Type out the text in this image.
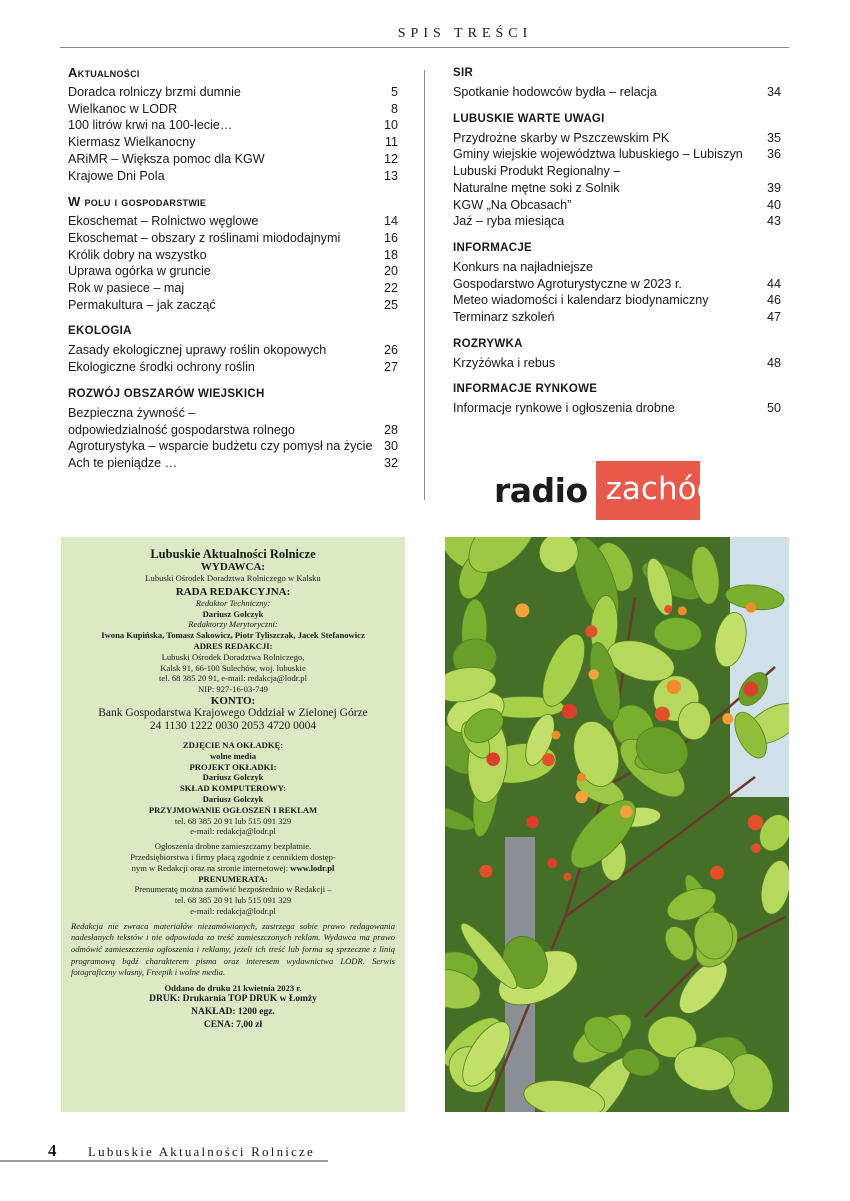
SPIS TREŚCI
Aktualności
Doradca rolniczy brzmi dumnie	5
Wielkanoc w LODR	8
100 litrów krwi na 100-lecie…	10
Kiermasz Wielkanocny	11
ARiMR – Większa pomoc dla KGW	12
Krajowe Dni Pola	13
W polu i gospodarstwie
Ekoschemat – Rolnictwo węglowe	14
Ekoschemat – obszary z roślinami miododajnymi	16
Królik dobry na wszystko	18
Uprawa ogórka w gruncie	20
Rok w pasiece – maj	22
Permakultura – jak zacząć	25
EKOLOGIA
Zasady ekologicznej uprawy roślin okopowych	26
Ekologiczne środki ochrony roślin	27
ROZWÓJ OBSZARÓW WIEJSKICH
Bezpieczna żywność –
odpowiedzialność gospodarstwa rolnego	28
Agroturystyka – wsparcie budżetu czy pomysł na życie 30
Ach te pieniądze …	32
SIR
Spotkanie hodowców bydła – relacja	34
LUBUSKIE WARTE UWAGI
Przydrożne skarby w Pszczewskim PK	35
Gminy wiejskie województwa lubuskiego – Lubiszyn	36
Lubuski Produkt Regionalny –
Naturalne mętne soki z Solnik	39
KGW „Na Obcasach”	40
Jaź – ryba miesiąca	43
INFORMACJE
Konkurs na najładniejsze
Gospodarstwo Agroturystyczne w 2023 r.	44
Meteo wiadomości i kalendarz biodynamiczny	46
Terminarz szkoleń	47
ROZRYWKA
Krzyżówka i rebus	48
INFORMACJE RYNKOWE
Informacje rynkowe i ogłoszenia drobne	50
radio zachód
Lubuskie Aktualności Rolnicze
WYDAWCA:
Lubuski Ośrodek Doradztwa Rolniczego w Kalsku
RADA REDAKCYJNA:
Redaktor Techniczny:
Dariusz Golczyk
Redaktorzy Merytoryczni:
Iwona Kupińska, Tomasz Sakowicz, Piotr Tyliszczak, Jacek Stefanowicz
ADRES REDAKCJI:
Lubuski Ośrodek Doradztwa Rolniczego,
Kalsk 91, 66-100 Sulechów, woj. lubuskie
tel. 68 385 20 91, e-mail: redakcja@lodr.pl
NIP: 927-16-03-749
KONTO:
Bank Gospodarstwa Krajowego Oddział w Zielonej Górze
24 1130 1222 0030 2053 4720 0004
ZDJĘCIE NA OKŁADKĘ:
wolne media
PROJEKT OKŁADKI:
Dariusz Golczyk
SKŁAD KOMPUTEROWY:
Dariusz Golczyk
PRZYJMOWANIE OGŁOSZEŃ I REKLAM
tel. 68 385 20 91 lub 515 091 329
e-mail: redakcja@lodr.pl
Ogłoszenia drobne zamieszczamy bezpłatnie.
Przedsiębiorstwa i firmy płacą zgodnie z cennikiem dostęp-
nym w Redakcji oraz na stronie internetowej: www.lodr.pl
PRENUMERATA:
Prenumeratę można zamówić bezpośrednio w Redakcji –
tel. 68 385 20 91 lub 515 091 329
e-mail: redakcja@lodr.pl
Redakcja nie zwraca materiałów niezamówionych, zastrzega sobie prawo redagowania nadesłanych tekstów i nie odpowiada za treść zamieszczonych reklam. Wydawca ma prawo odmówić zamieszczenia ogłoszenia i reklamy, jeżeli ich treść lub forma są sprzeczne z linią programową bądź charakterem pisma oraz interesem wydawnictwa LODR. Serwis fotograficzny własny, Freepik i wolne media.
Oddano do druku 21 kwietnia 2023 r.
DRUK: Drukarnia TOP DRUK w Łomży
NAKŁAD: 1200 egz.
CENA: 7,00 zł
4 Lubuskie Aktualności Rolnicze
